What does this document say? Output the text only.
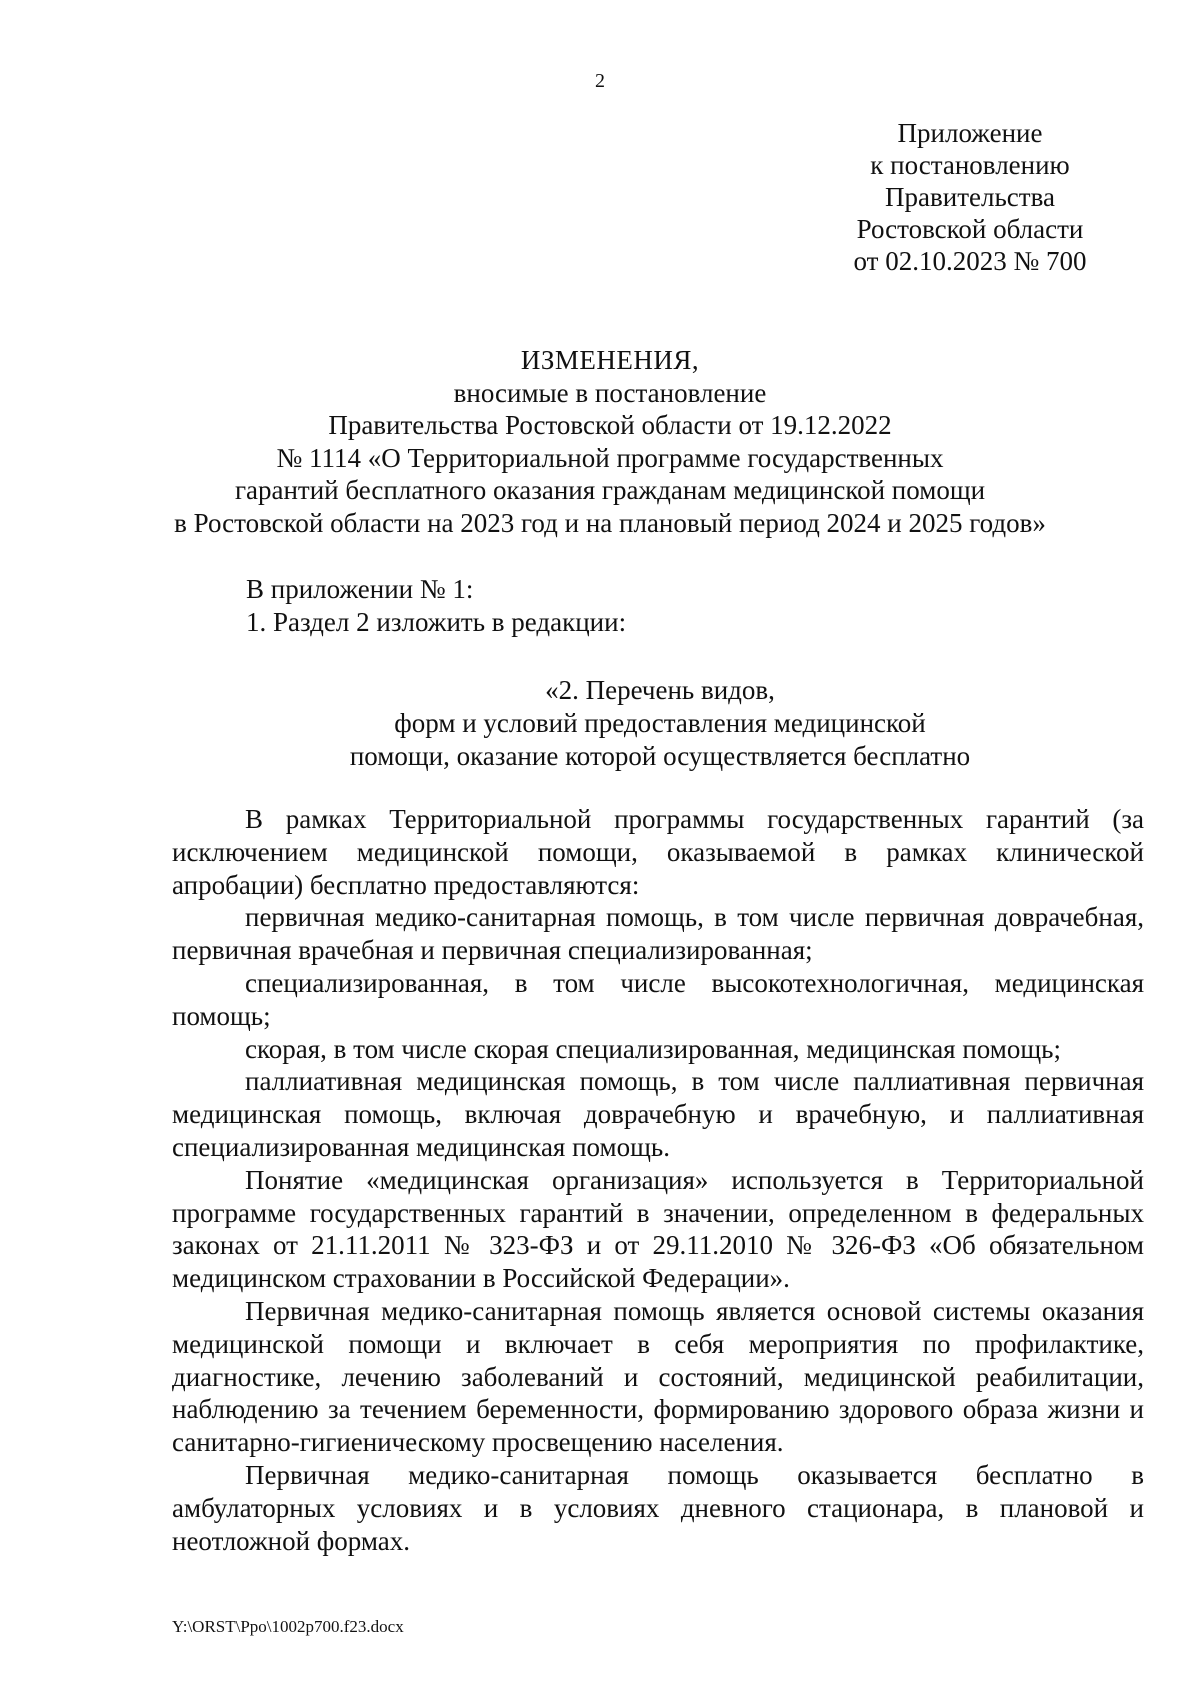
2
Приложение
к постановлению
Правительства
Ростовской области
от 02.10.2023 № 700
ИЗМЕНЕНИЯ,
вносимые в постановление
Правительства Ростовской области от 19.12.2022
№ 1114 «О Территориальной программе государственных
гарантий бесплатного оказания гражданам медицинской помощи
в Ростовской области на 2023 год и на плановый период 2024 и 2025 годов»
В приложении № 1:
1. Раздел 2 изложить в редакции:
«2. Перечень видов,
форм и условий предоставления медицинской
помощи, оказание которой осуществляется бесплатно

В рамках Территориальной программы государственных гарантий (за исключением медицинской помощи, оказываемой в рамках клинической апробации) бесплатно предоставляются:

первичная медико-санитарная помощь, в том числе первичная доврачебная, первичная врачебная и первичная специализированная;

специализированная, в том числе высокотехнологичная, медицинская помощь;

скорая, в том числе скорая специализированная, медицинская помощь;

паллиативная медицинская помощь, в том числе паллиативная первичная медицинская помощь, включая доврачебную и врачебную, и паллиативная специализированная медицинская помощь.

Понятие «медицинская организация» используется в Территориальной программе государственных гарантий в значении, определенном в федеральных законах от 21.11.2011 № 323-ФЗ и от 29.11.2010 № 326-ФЗ «Об обязательном медицинском страховании в Российской Федерации».

Первичная медико-санитарная помощь является основой системы оказания медицинской помощи и включает в себя мероприятия по профилактике, диагностике, лечению заболеваний и состояний, медицинской реабилитации, наблюдению за течением беременности, формированию здорового образа жизни и санитарно-гигиеническому просвещению населения.

Первичная медико-санитарная помощь оказывается бесплатно в амбулаторных условиях и в условиях дневного стационара, в плановой и неотложной формах.

Y:\ORST\Ppo\1002p700.f23.docx
